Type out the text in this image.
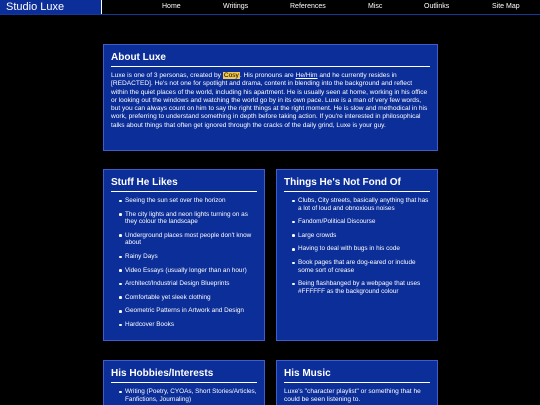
Studio Luxe	Home	Writings	References	Misc	Outlinks	Site Map
About Luxe

Luxe is one of 3 personas, created by Cosy. His pronouns are He/Him and he currently resides in [REDACTED]. He's not one for spotlight and drama, content in blending into the background and reflect within the quiet places of the world, including his apartment. He is usually seen at home, working in his office or looking out the windows and watching the world go by in its own pace. Luxe is a man of very few words, but you can always count on him to say the right things at the right moment. He is slow and methodical in his work, preferring to understand something in depth before taking action. If you're interested in philosophical talks about things that often get ignored through the cracks of the daily grind, Luxe is your guy.

Stuff He Likes
Seeing the sun set over the horizon
The city lights and neon lights turning on as they colour the landscape
Underground places most people don't know about
Rainy Days
Video Essays (usually longer than an hour)
Architect/Industrial Design Blueprints
Comfortable yet sleek clothing
Geometric Patterns in Artwork and Design
Hardcover Books
Things He's Not Fond Of
Clubs, City streets, basically anything that has a lot of loud and obnoxious noises
Fandom/Political Discourse
Large crowds
Having to deal with bugs in his code
Book pages that are dog-eared or include some sort of crease
Being flashbanged by a webpage that uses #FFFFFF as the background colour
His Hobbies/Interests
Writing (Poetry, CYOAs, Short Stories/Articles, Fanfictions, Journaling)
His Music

Luxe's "character playlist" or something that he could be seen listening to.
